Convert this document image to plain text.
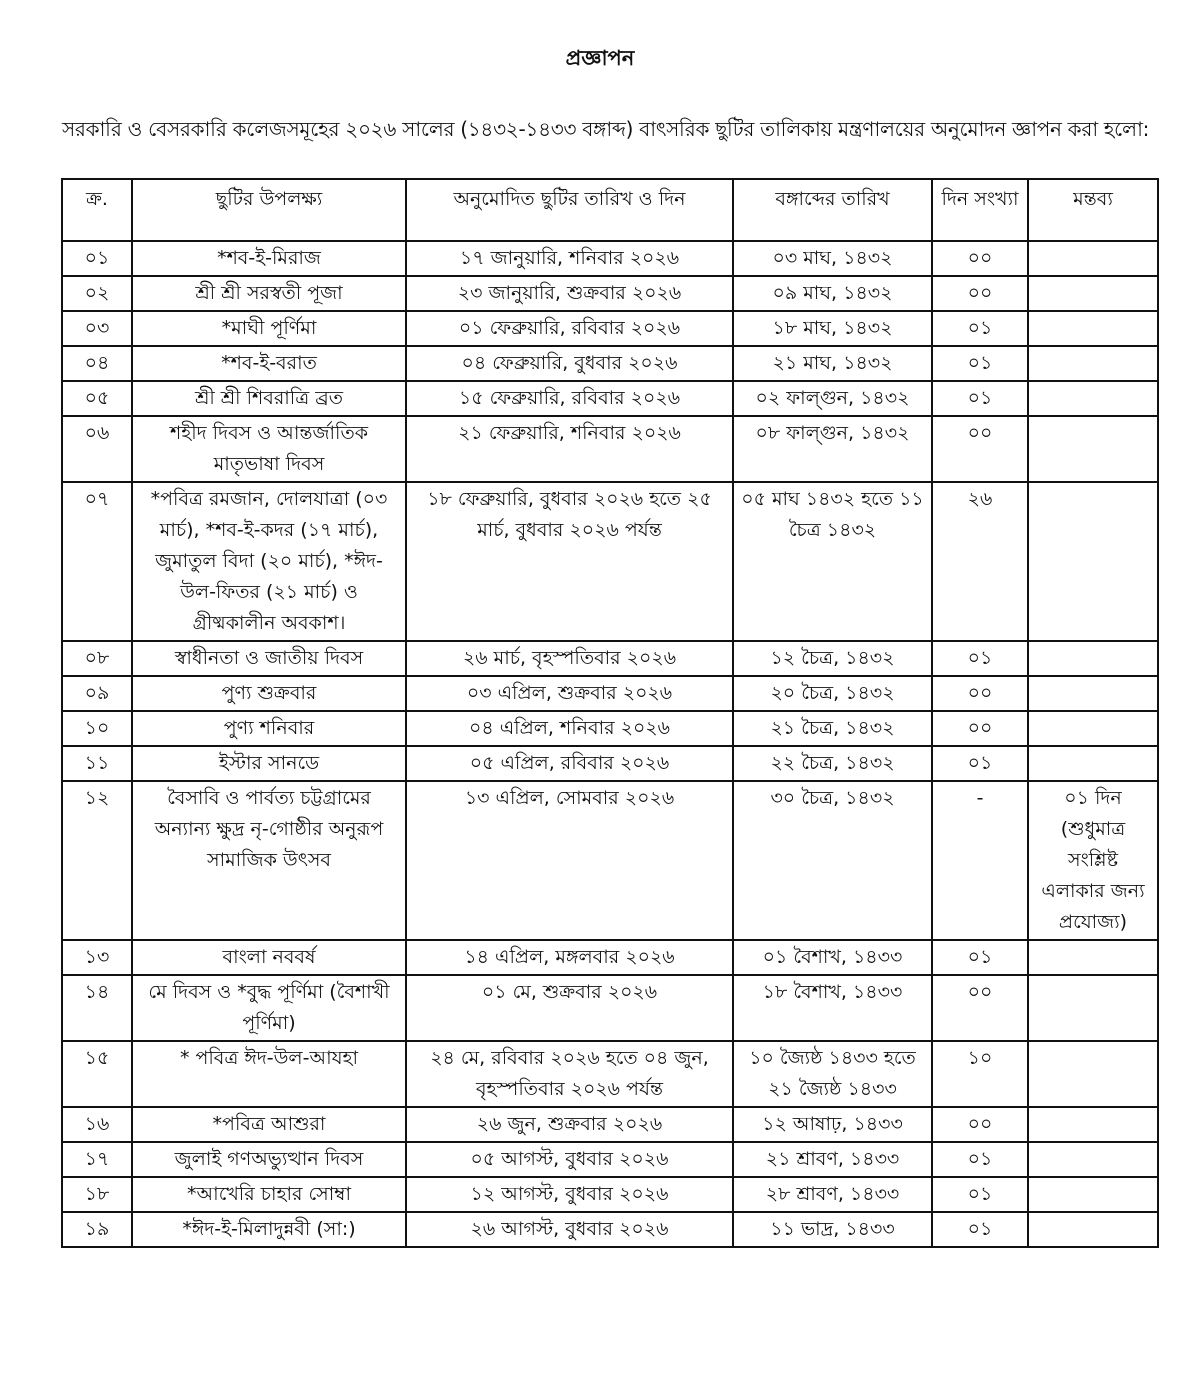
প্রজ্ঞাপন
সরকারি ও বেসরকারি কলেজসমূহের ২০২৬ সালের (১৪৩২-১৪৩৩ বঙ্গাব্দ) বাৎসরিক ছুটির তালিকায় মন্ত্রণালয়ের অনুমোদন জ্ঞাপন করা হলো:
ক্র.	ছুটির উপলক্ষ্য	অনুমোদিত ছুটির তারিখ ও দিন	বঙ্গাব্দের তারিখ	দিন সংখ্যা	মন্তব্য
০১	*শব-ই-মিরাজ	১৭ জানুয়ারি, শনিবার ২০২৬	০৩ মাঘ, ১৪৩২	০০	
০২	শ্রী শ্রী সরস্বতী পূজা	২৩ জানুয়ারি, শুক্রবার ২০২৬	০৯ মাঘ, ১৪৩২	০০	
০৩	*মাঘী পূর্ণিমা	০১ ফেব্রুয়ারি, রবিবার ২০২৬	১৮ মাঘ, ১৪৩২	০১	
০৪	*শব-ই-বরাত	০৪ ফেব্রুয়ারি, বুধবার ২০২৬	২১ মাঘ, ১৪৩২	০১	
০৫	শ্রী শ্রী শিবরাত্রি ব্রত	১৫ ফেব্রুয়ারি, রবিবার ২০২৬	০২ ফাল্গুন, ১৪৩২	০১	
০৬	শহীদ দিবস ও আন্তর্জাতিক মাতৃভাষা দিবস	২১ ফেব্রুয়ারি, শনিবার ২০২৬	০৮ ফাল্গুন, ১৪৩২	০০	
০৭	*পবিত্র রমজান, দোলযাত্রা (০৩ মার্চ), *শব-ই-কদর (১৭ মার্চ), জুমাতুল বিদা (২০ মার্চ), *ঈদ-উল-ফিতর (২১ মার্চ) ও গ্রীষ্মকালীন অবকাশ।	১৮ ফেব্রুয়ারি, বুধবার ২০২৬ হতে ২৫ মার্চ, বুধবার ২০২৬ পর্যন্ত	০৫ মাঘ ১৪৩২ হতে ১১ চৈত্র ১৪৩২	২৬	
০৮	স্বাধীনতা ও জাতীয় দিবস	২৬ মার্চ, বৃহস্পতিবার ২০২৬	১২ চৈত্র, ১৪৩২	০১	
০৯	পুণ্য শুক্রবার	০৩ এপ্রিল, শুক্রবার ২০২৬	২০ চৈত্র, ১৪৩২	০০	
১০	পুণ্য শনিবার	০৪ এপ্রিল, শনিবার ২০২৬	২১ চৈত্র, ১৪৩২	০০	
১১	ইস্টার সানডে	০৫ এপ্রিল, রবিবার ২০২৬	২২ চৈত্র, ১৪৩২	০১	
১২	বৈসাবি ও পার্বত্য চট্টগ্রামের অন্যান্য ক্ষুদ্র নৃ-গোষ্ঠীর অনুরূপ সামাজিক উৎসব	১৩ এপ্রিল, সোমবার ২০২৬	৩০ চৈত্র, ১৪৩২	-	০১ দিন (শুধুমাত্র সংশ্লিষ্ট এলাকার জন্য প্রযোজ্য)
১৩	বাংলা নববর্ষ	১৪ এপ্রিল, মঙ্গলবার ২০২৬	০১ বৈশাখ, ১৪৩৩	০১	
১৪	মে দিবস ও *বুদ্ধ পূর্ণিমা (বৈশাখী পূর্ণিমা)	০১ মে, শুক্রবার ২০২৬	১৮ বৈশাখ, ১৪৩৩	০০	
১৫	* পবিত্র ঈদ-উল-আযহা	২৪ মে, রবিবার ২০২৬ হতে ০৪ জুন, বৃহস্পতিবার ২০২৬ পর্যন্ত	১০ জ্যৈষ্ঠ ১৪৩৩ হতে ২১ জ্যৈষ্ঠ ১৪৩৩	১০	
১৬	*পবিত্র আশুরা	২৬ জুন, শুক্রবার ২০২৬	১২ আষাঢ়, ১৪৩৩	০০	
১৭	জুলাই গণঅভ্যুত্থান দিবস	০৫ আগস্ট, বুধবার ২০২৬	২১ শ্রাবণ, ১৪৩৩	০১	
১৮	*আখেরি চাহার সোম্বা	১২ আগস্ট, বুধবার ২০২৬	২৮ শ্রাবণ, ১৪৩৩	০১	
১৯	*ঈদ-ই-মিলাদুন্নবী (সা:)	২৬ আগস্ট, বুধবার ২০২৬	১১ ভাদ্র, ১৪৩৩	০১	
